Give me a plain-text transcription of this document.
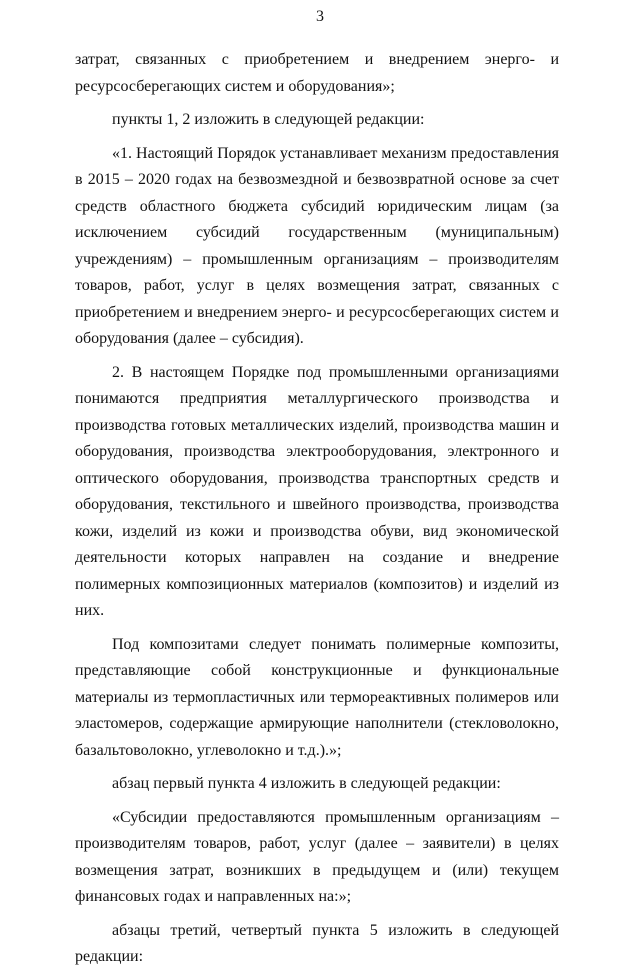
3

затрат, связанных с приобретением и внедрением энерго- и ресурсосберегающих систем и оборудования»;

пункты 1, 2 изложить в следующей редакции:

«1. Настоящий Порядок устанавливает механизм предоставления в 2015 – 2020 годах на безвозмездной и безвозвратной основе за счет средств областного бюджета субсидий юридическим лицам (за исключением субсидий государственным (муниципальным) учреждениям) – промышленным организациям – производителям товаров, работ, услуг в целях возмещения затрат, связанных с приобретением и внедрением энерго- и ресурсосберегающих систем и оборудования (далее – субсидия).

2. В настоящем Порядке под промышленными организациями понимаются предприятия металлургического производства и производства готовых металлических изделий, производства машин и оборудования, производства электрооборудования, электронного и оптического оборудования, производства транспортных средств и оборудования, текстильного и швейного производства, производства кожи, изделий из кожи и производства обуви, вид экономической деятельности которых направлен на создание и внедрение полимерных композиционных материалов (композитов) и изделий из них.

Под композитами следует понимать полимерные композиты, представляющие собой конструкционные и функциональные материалы из термопластичных или термореактивных полимеров или эластомеров, содержащие армирующие наполнители (стекловолокно, базальтоволокно, углеволокно и т.д.).»;

абзац первый пункта 4 изложить в следующей редакции:

«Субсидии предоставляются промышленным организациям – производителям товаров, работ, услуг (далее – заявители) в целях возмещения затрат, возникших в предыдущем и (или) текущем финансовых годах и направленных на:»;

абзацы третий, четвертый пункта 5 изложить в следующей редакции:
